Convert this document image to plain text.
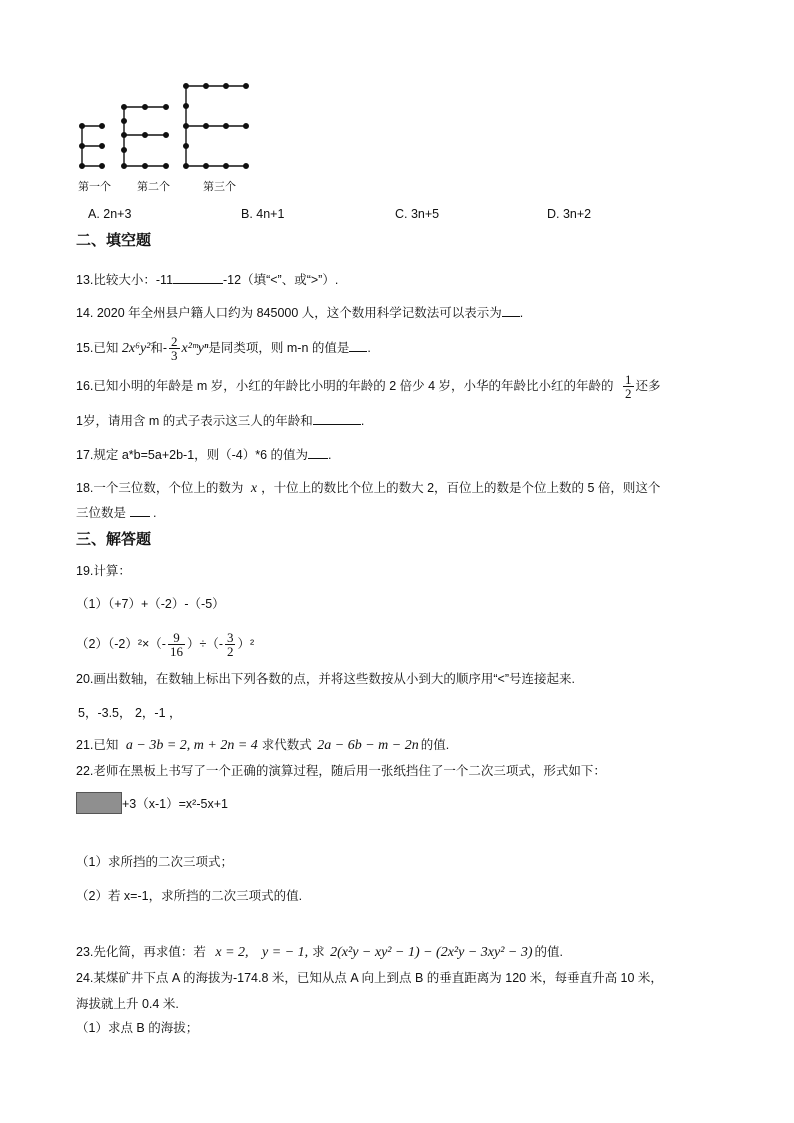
第一个 第二个	第三个
A. 2n+3	B. 4n+1	C. 3n+5	D. 3n+2
二、填空题
13.比较大小：-11	-12（填“<”、或“>”）.
14. 2020 年全州县户籍人口约为 845000 人，这个数用科学记数法可以表示为 .
15.已知 2x⁶y²和- $\frac{2}{3}$ x²ᵐyⁿ是同类项，则 m-n 的值是 .
16.已知小明的年龄是 m 岁，小红的年龄比小明的年龄的 2 倍少 4 岁，小华的年龄比小红的年龄的 $\frac{1}{2}$ 还多
1岁，请用含 m 的式子表示这三人的年龄和	.
17.规定 a*b=5a+2b-1，则（-4）*6 的值为 .
18.一个三位数，个位上的数为 x ，十位上的数比个位上的数大 2，百位上的数是个位上数的 5 倍，则这个
三位数是 .
三、解答题
19.计算：
（1）（+7）+（-2）-（-5）
$(2)(-2)^2\times(- \frac{9}{16}$ ）÷（- $\frac{3}{2} )^2$
20.画出数轴，在数轴上标出下列各数的点，并将这些数按从小到大的顺序用“<”号连接起来.
5，-3.5， 2，-1 ，
21.已知 a − 3b = 2, m + 2n = 4 求代数式 2a − 6b − m − 2n 的值.
22.老师在黑板上书写了一个正确的演算过程，随后用一张纸挡住了一个二次三项式，形式如下：
+3（x-1）=x²-5x+1
（1）求所挡的二次三项式；
（2）若 x=-1，求所挡的二次三项式的值.
23.先化简，再求值：若 x = 2, y = − 1, 求 2(x²y − xy² − 1) − (2x²y − 3xy² − 3) 的值.
24.某煤矿井下点 A 的海拔为-174.8 米，已知从点 A 向上到点 B 的垂直距离为 120 米，每垂直升高 10 米，
海拔就上升 0.4 米.
（1）求点 B 的海拔；
